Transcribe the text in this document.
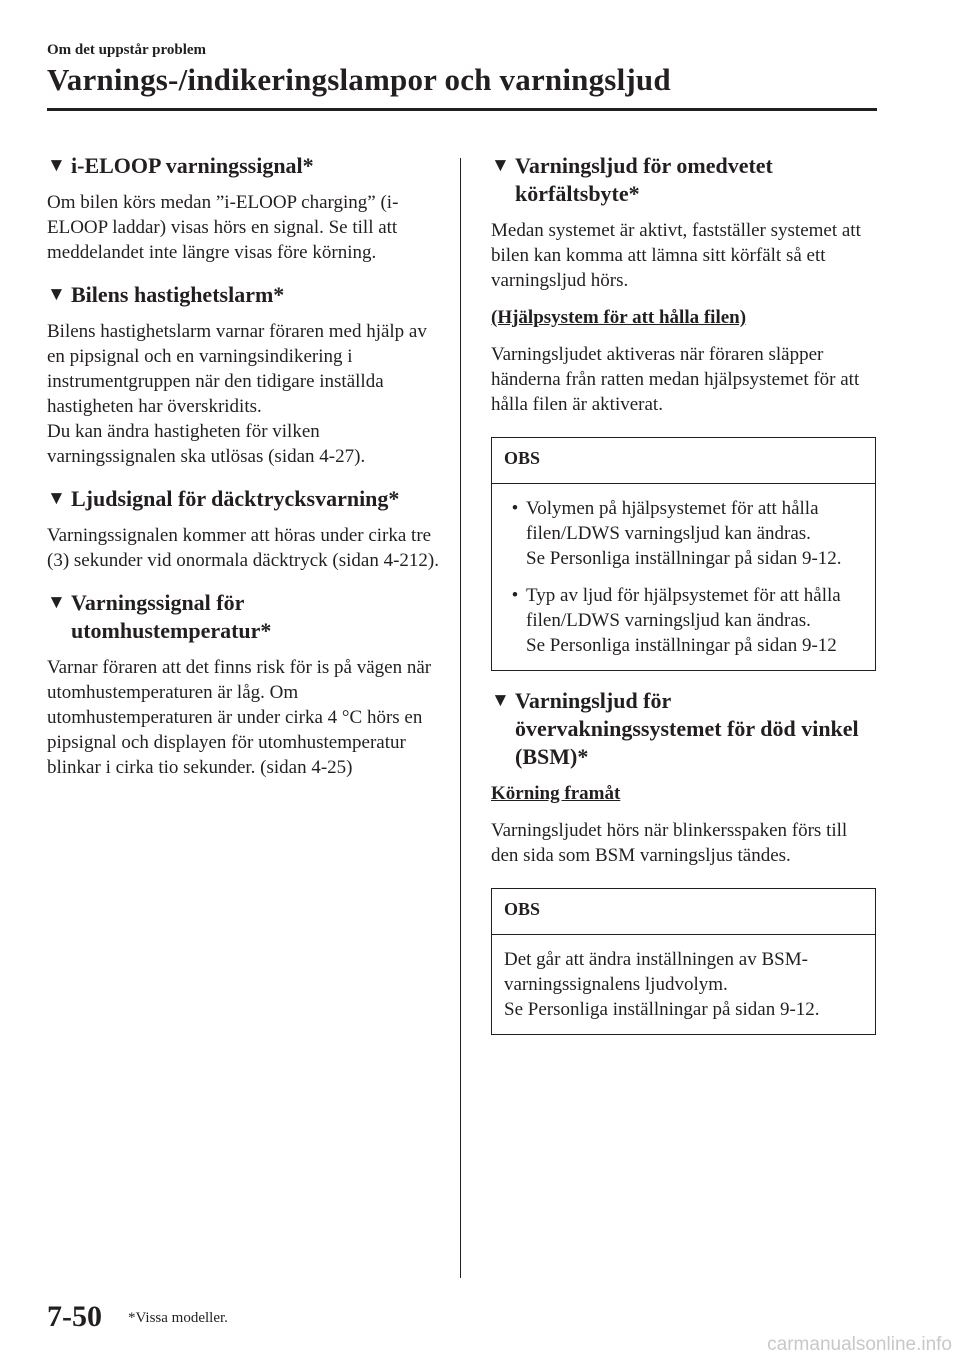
Om det uppstår problem
Varnings-/indikeringslampor och varningsljud
▼ i-ELOOP varningssignal*

Om bilen körs medan ”i-ELOOP charging” (i-ELOOP laddar) visas hörs en signal. Se till att meddelandet inte längre visas före körning.

▼ Bilens hastighetslarm*

Bilens hastighetslarm varnar föraren med hjälp av en pipsignal och en varningsindikering i instrumentgruppen när den tidigare inställda hastigheten har överskridits.

Du kan ändra hastigheten för vilken varningssignalen ska utlösas (sidan 4-27).

▼ Ljudsignal för däcktrycksvarning*

Varningssignalen kommer att höras under cirka tre (3) sekunder vid onormala däcktryck (sidan 4-212).

▼ Varningssignal för utomhustemperatur*

Varnar föraren att det finns risk för is på vägen när utomhustemperaturen är låg. Om utomhustemperaturen är under cirka 4 °C hörs en pipsignal och displayen för utomhustemperatur blinkar i cirka tio sekunder. (sidan 4-25)

▼ Varningsljud för omedvetet körfältsbyte*

Medan systemet är aktivt, fastställer systemet att bilen kan komma att lämna sitt körfält så ett varningsljud hörs.

(Hjälpsystem för att hålla filen)

Varningsljudet aktiveras när föraren släpper händerna från ratten medan hjälpsystemet för att hålla filen är aktiverat.

OBS
• Volymen på hjälpsystemet för att hålla filen/LDWS varningsljud kan ändras.
Se Personliga inställningar på sidan 9-12.
• Typ av ljud för hjälpsystemet för att hålla filen/LDWS varningsljud kan ändras.
Se Personliga inställningar på sidan 9-12
▼ Varningsljud för övervakningssystemet för död vinkel (BSM)*
Körning framåt

Varningsljudet hörs när blinkersspaken förs till den sida som BSM varningsljus tändes.

OBS
Det går att ändra inställningen av BSM-varningssignalens ljudvolym.
Se Personliga inställningar på sidan 9-12.
7-50 *Vissa modeller.
carmanualsonline.info
